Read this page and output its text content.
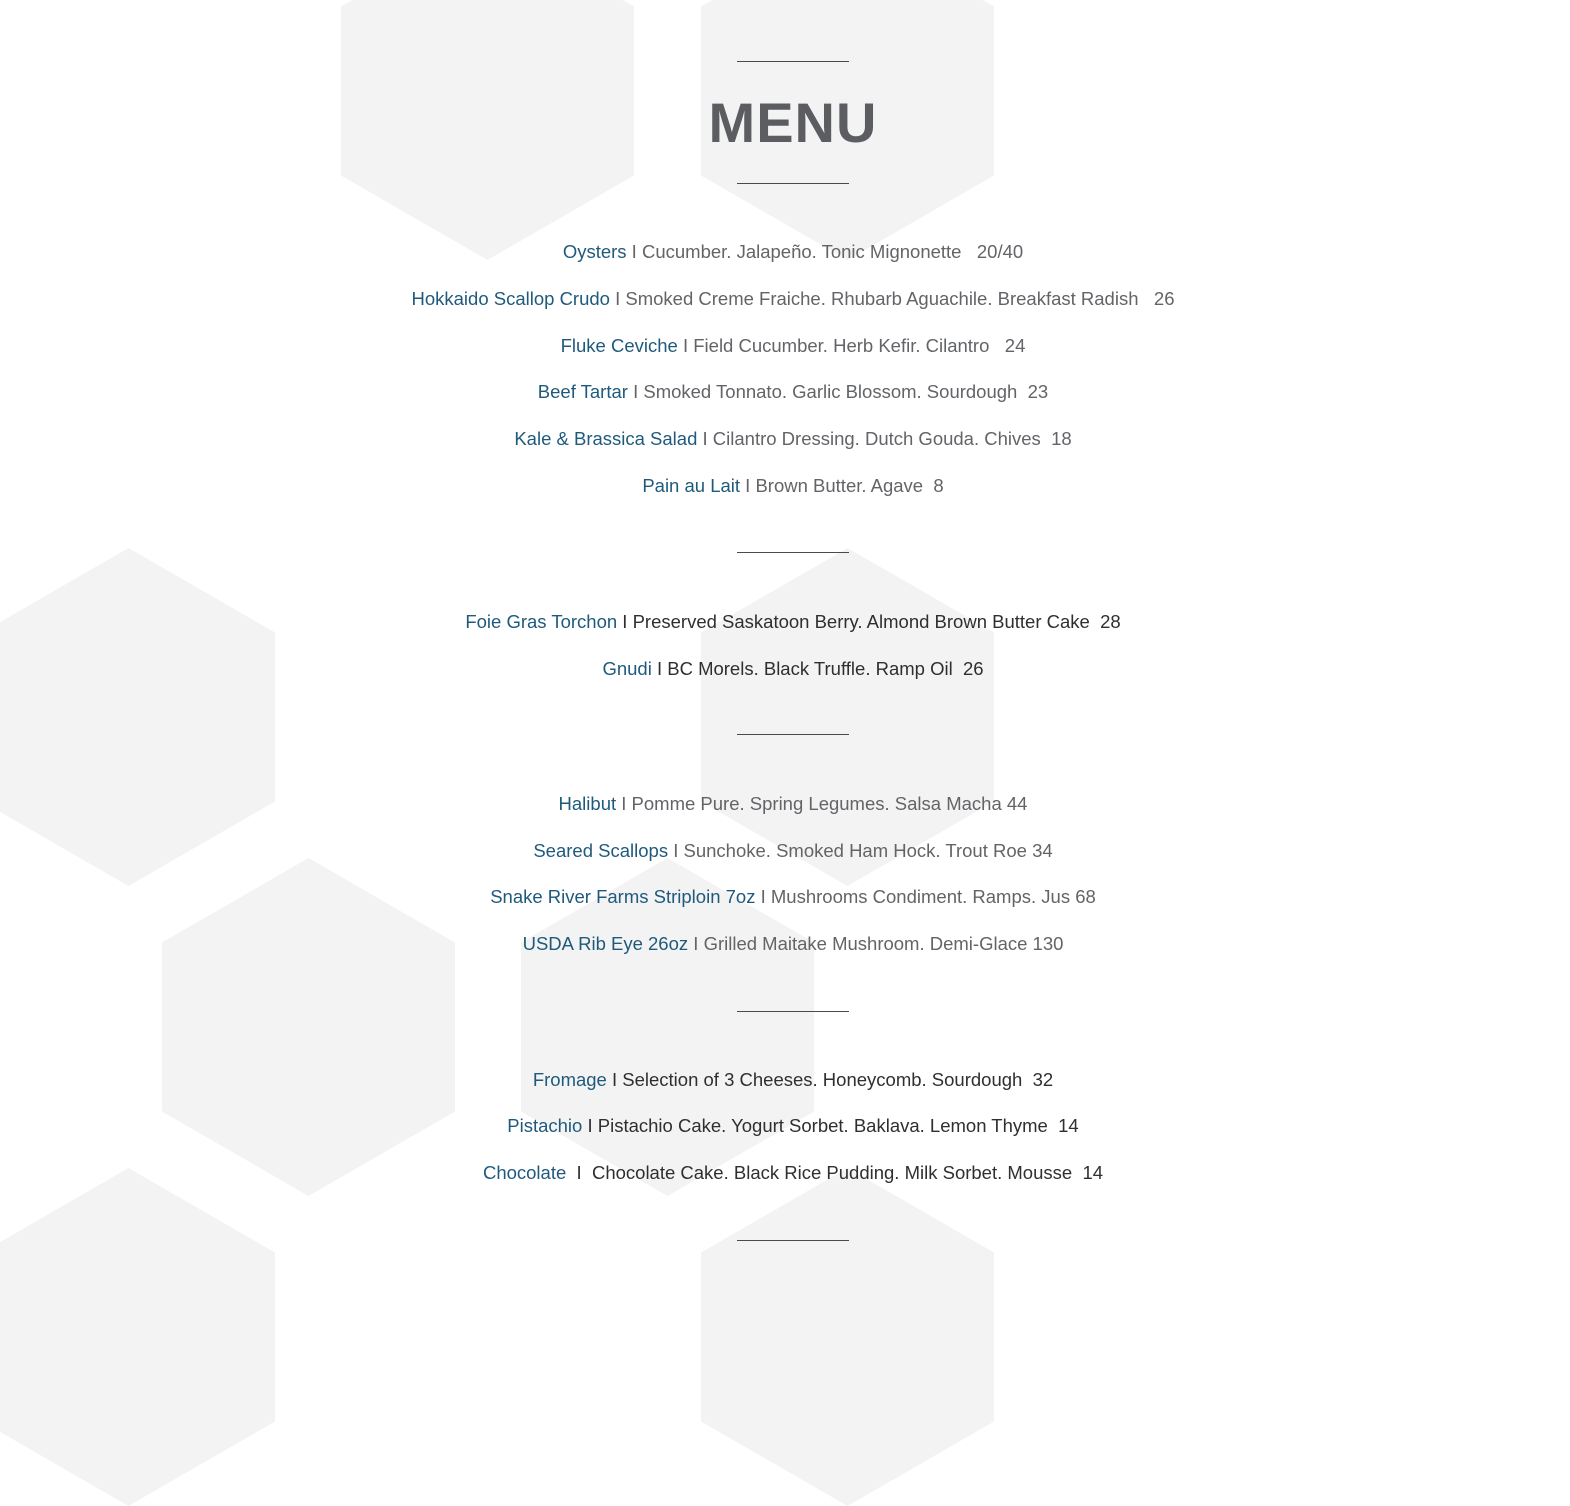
MENU
Oysters I Cucumber. Jalapeño. Tonic Mignonette 20/40
Hokkaido Scallop Crudo I Smoked Creme Fraiche. Rhubarb Aguachile. Breakfast Radish 26
Fluke Ceviche I Field Cucumber. Herb Kefir. Cilantro 24
Beef Tartar I Smoked Tonnato. Garlic Blossom. Sourdough 23
Kale & Brassica Salad I Cilantro Dressing. Dutch Gouda. Chives 18
Pain au Lait I Brown Butter. Agave 8
Foie Gras Torchon I Preserved Saskatoon Berry. Almond Brown Butter Cake 28
Gnudi I BC Morels. Black Truffle. Ramp Oil 26
Halibut I Pomme Pure. Spring Legumes. Salsa Macha 44
Seared Scallops I Sunchoke. Smoked Ham Hock. Trout Roe 34
Snake River Farms Striploin 7oz I Mushrooms Condiment. Ramps. Jus 68
USDA Rib Eye 26oz I Grilled Maitake Mushroom. Demi-Glace 130
Fromage I Selection of 3 Cheeses. Honeycomb. Sourdough 32
Pistachio I Pistachio Cake. Yogurt Sorbet. Baklava. Lemon Thyme 14
Chocolate  I  Chocolate Cake. Black Rice Pudding. Milk Sorbet. Mousse 14
